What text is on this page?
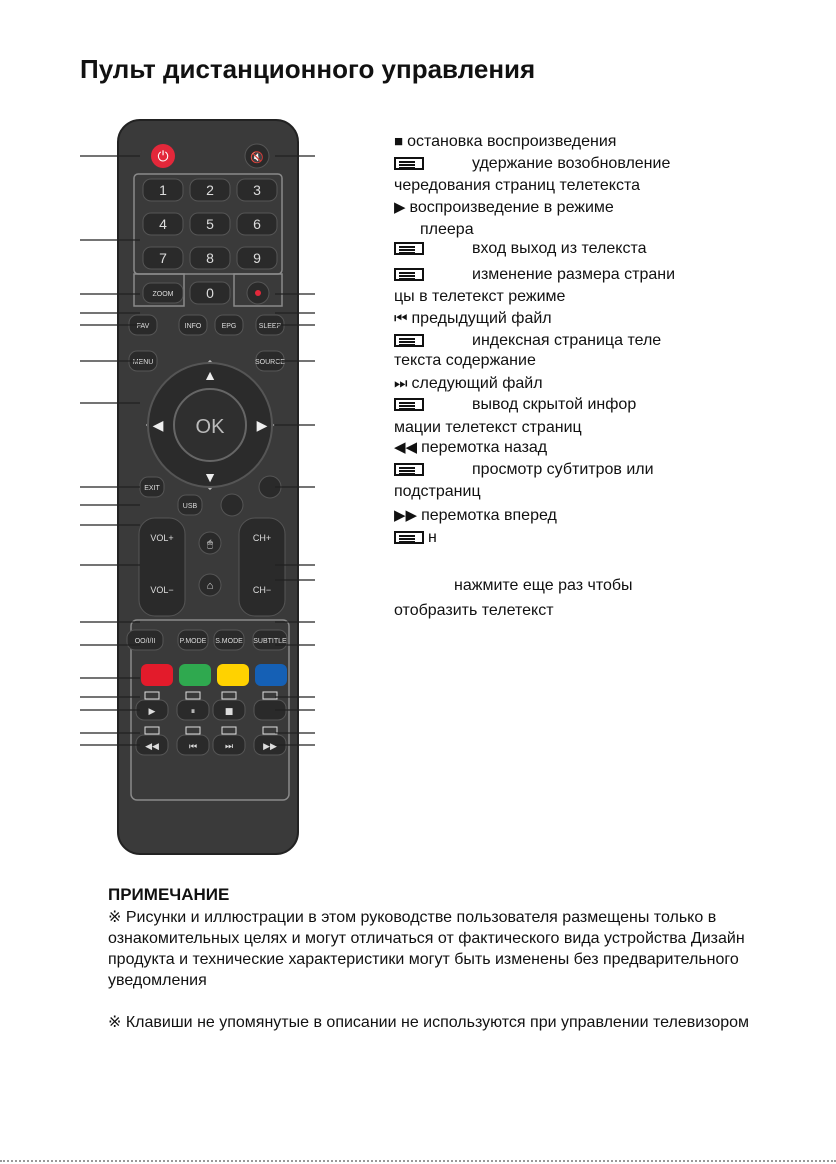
Пульт дистанционного управления
OK
▲
▼
◀	▶
⏻	🔇
1	2	3
4	5	6
7	8	9
0
ZOOM
INFO	EPG
FAV	SLEEP
MENU	SOURCE
EXIT
USB
OO/I/II	P.MODE S.MODE SUBTITLE
🖱
⌂
VOL+
VOL−
CH+
CH−
▶	⏸	■
◀◀	⏮	⏭	▶▶
■ остановка воспроизведения
удержание возобновление
чередования страниц телетекста
▶ воспроизведение в режиме
плеера
вход выход из телекста
изменение размера страни
цы в телетекст режиме
⏮ предыдущий файл
индексная страница теле
текста содержание
⏭ следующий файл
вывод скрытой инфор
мации телетекст страниц
◀◀ перемотка назад
просмотр субтитров или
подстраниц
▶▶ перемотка вперед
н
нажмите еще раз чтобы
отобразить телетекст
ПРИМЕЧАНИЕ

※ Рисунки и иллюстрации в этом руководстве пользователя размещены только в ознакомительных целях и могут отличаться от фактического вида устройства Дизайн продукта и технические характеристики могут быть изменены без предварительного уведомления

※ Клавиши не упомянутые в описании не используются при управлении телевизором
